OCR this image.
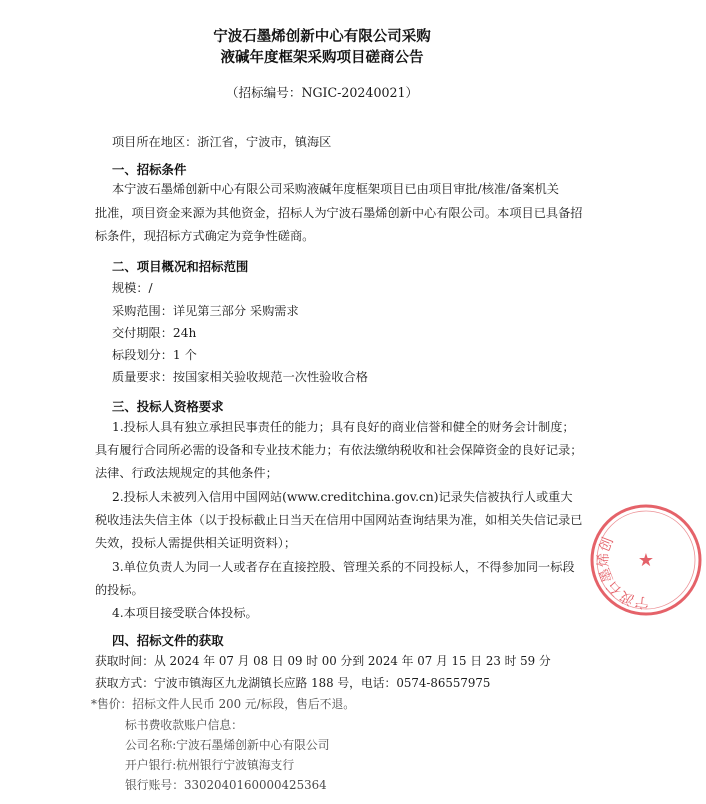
宁波石墨烯创新中心有限公司采购
液碱年度框架采购项目磋商公告
（招标编号：NGIC-20240021）
项目所在地区：浙江省，宁波市，镇海区
一、招标条件
本宁波石墨烯创新中心有限公司采购液碱年度框架项目已由项目审批/核准/备案机关
批准，项目资金来源为其他资金，招标人为宁波石墨烯创新中心有限公司。本项目已具备招
标条件，现招标方式确定为竞争性磋商。
二、项目概况和招标范围
规模：/
采购范围：详见第三部分 采购需求
交付期限：24h
标段划分：1 个
质量要求：按国家相关验收规范一次性验收合格
三、投标人资格要求
1.投标人具有独立承担民事责任的能力；具有良好的商业信誉和健全的财务会计制度；
具有履行合同所必需的设备和专业技术能力；有依法缴纳税收和社会保障资金的良好记录；
法律、行政法规规定的其他条件；
2.投标人未被列入信用中国网站(www.creditchina.gov.cn)记录失信被执行人或重大
税收违法失信主体（以于投标截止日当天在信用中国网站查询结果为准，如相关失信记录已
失效，投标人需提供相关证明资料）；
3.单位负责人为同一人或者存在直接控股、管理关系的不同投标人，不得参加同一标段
的投标。
4.本项目接受联合体投标。
四、招标文件的获取
获取时间：从 2024 年 07 月 08 日 09 时 00 分到 2024 年 07 月 15 日 23 时 59 分
获取方式：宁波市镇海区九龙湖镇长应路 188 号，电话：0574-86557975
*售价：招标文件人民币 200 元/标段，售后不退。
标书费收款账户信息：
公司名称:宁波石墨烯创新中心有限公司
开户银行:杭州银行宁波镇海支行
银行账号：3302040160000425364
宁波石墨烯创
★
